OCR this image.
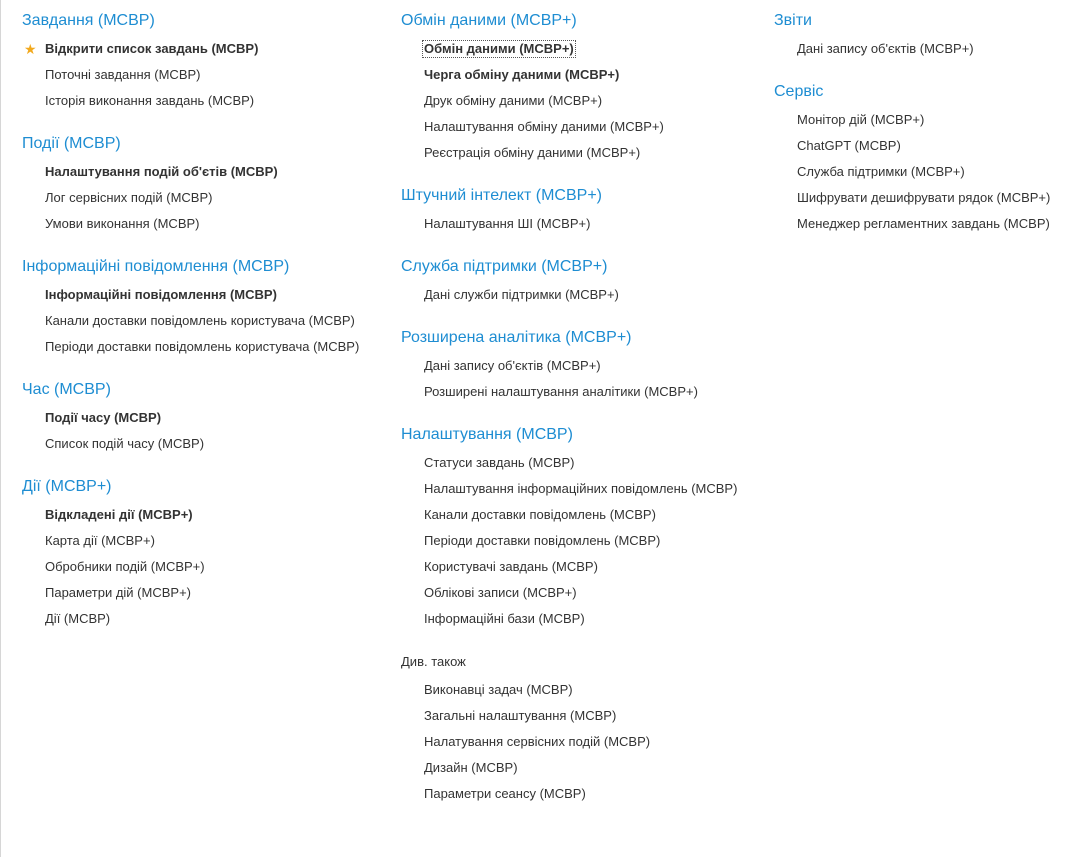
Завдання (МСВР)
★ Відкрити список завдань (МСВР)
Поточні завдання (МСВР)
Історія виконання завдань (МСВР)
Події (МСВР)
Налаштування подій об'єтів (МСВР)
Лог сервісних подій (МСВР)
Умови виконання (МСВР)
Інформаційні повідомлення (МСВР)
Інформаційні повідомлення (МСВР)
Канали доставки повідомлень користувача (МСВР)
Періоди доставки повідомлень користувача (МСВР)
Час (МСВР)
Події часу (МСВР)
Список подій часу (МСВР)
Дії (МСВР+)
Відкладені дії (МСВР+)
Карта дії (МСВР+)
Обробники подій (МСВР+)
Параметри дій (МСВР+)
Дії (МСВР)
Обмін даними (МСВР+)
Обмін даними (МСВР+)
Черга обміну даними (МСВР+)
Друк обміну даними (МСВР+)
Налаштування обміну даними (МСВР+)
Реєстрація обміну даними (МСВР+)
Штучний інтелект (МСВР+)
Налаштування ШІ (МСВР+)
Служба підтримки (МСВР+)
Дані служби підтримки (МСВР+)
Розширена аналітика (МСВР+)
Дані запису об'єктів (МСВР+)
Розширені налаштування аналітики (МСВР+)
Налаштування (МСВР)
Статуси завдань (МСВР)
Налаштування інформаційних повідомлень (МСВР)
Канали доставки повідомлень (МСВР)
Періоди доставки повідомлень (МСВР)
Користувачі завдань (МСВР)
Облікові записи (МСВР+)
Інформаційні бази (МСВР)
Див. також
Виконавці задач (МСВР)
Загальні налаштування (МСВР)
Налатування сервісних подій (МСВР)
Дизайн (МСВР)
Параметри сеансу (МСВР)
Звіти
Дані запису об'єктів (МСВР+)
Сервіс
Монітор дій (МСВР+)
ChatGPT (МСВР)
Служба підтримки (МСВР+)
Шифрувати дешифрувати рядок (МСВР+)
Менеджер регламентних завдань (МСВР)
